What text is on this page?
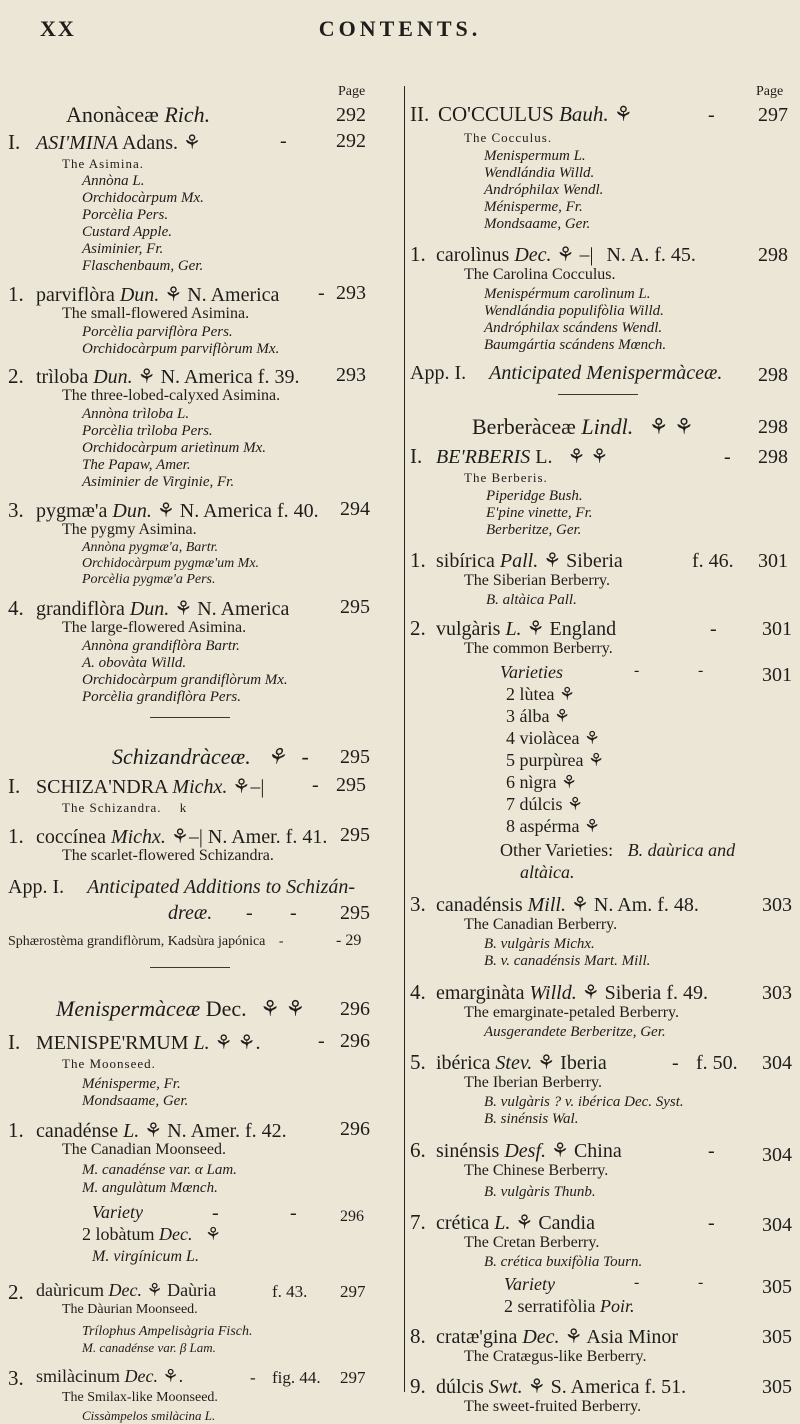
XX	CONTENTS.
Page
Anonàceæ Rich.	292
I. ASI'MINA Adans. ⚘	- 292
The Asimina.
Annòna L.
Orchidocàrpum Mx.
Porcèlia Pers.
Custard Apple.
Asiminier, Fr.
Flaschenbaum, Ger.
1. parviflòra Dun. ⚘ N. America - 293
The small-flowered Asimina.
Porcèlia parviflòra Pers.
Orchidocàrpum parviflòrum Mx.
2. trìloba Dun. ⚘ N. America f. 39. 293
The three-lobed-calyxed Asimina.
Annòna trìloba L.
Porcèlia trìloba Pers.
Orchidocàrpum arietìnum Mx.
The Papaw, Amer.
Asiminier de Virginie, Fr.
3. pygmæ'a Dun. ⚘ N. America f. 40. 294
The pygmy Asimina.
Annòna pygmæ'a, Bartr.
Orchidocàrpum pygmæ'um Mx.
Porcèlia pygmæ'a Pers.
4. grandiflòra Dun. ⚘ N. America	295
The large-flowered Asimina.
Annòna grandiflòra Bartr.
A. obovàta Willd.
Orchidocàrpum grandiflòrum Mx.
Porcèlia grandiflòra Pers.
Schizandràceæ. ⚘ - 295
I. SCHIZA'NDRA Michx. ⚘⎯| - 295
The Schizandra. k
1. coccínea Michx. ⚘⎯| N. Amer. f. 41. 295
The scarlet-flowered Schizandra.
App. I. Anticipated Additions to Schizán-
dreæ. - - 295
Sphærostèma grandiflòrum, Kadsùra japónica -	- 29
Menispermàceæ Dec. ⚘ ⚘ 296
I. MENISPE'RMUM L. ⚘ ⚘.	- 296
The Moonseed.
Ménisperme, Fr.
Mondsaame, Ger.
1. canadénse L. ⚘ N. Amer. f. 42.	296
The Canadian Moonseed.
M. canadénse var. α Lam.
M. angulàtum Mœnch.
Variety	-	-	296
2 lobàtum Dec. ⚘
M. virgínicum L.
2. daùricum Dec. ⚘ Daùria	f. 43. 297
The Dàurian Moonseed.
Trílophus Ampelisàgria Fisch.
M. canadénse var. β Lam.
3. smilàcinum Dec. ⚘.	- fig. 44. 297
The Smilax-like Moonseed.
Cissàmpelos smilàcina L.
Page
II. CO'CCULUS Bauh. ⚘	- 297
The Cocculus.
Menispermum L.
Wendlándia Willd.
Andróphilax Wendl.
Ménisperme, Fr.
Mondsaame, Ger.
1. carolìnus Dec. ⚘ ⎯| N. A. f. 45.	298
The Carolina Cocculus.
Menispérmum carolìnum L.
Wendlándia populifòlia Willd.
Andróphilax scándens Wendl.
Baumgártia scándens Mœnch.
App. I. Anticipated Menispermàceæ. 298
Berberàceæ Lindl. ⚘ ⚘	298
I. BE'RBERIS L. ⚘ ⚘	- 298
The Berberis.
Piperidge Bush.
E'pine vinette, Fr.
Berberitze, Ger.
1. sibírica Pall. ⚘ Siberia	f. 46. 301
The Siberian Berberry.
B. altàica Pall.
2. vulgàris L. ⚘ England	- 301
The common Berberry.
Varieties	-	-	301
2 lùtea ⚘
3 álba ⚘
4 violàcea ⚘
5 purpùrea ⚘
6 nìgra ⚘
7 dúlcis ⚘
8 aspérma ⚘
Other Varieties: B. daùrica and
altàica.
3. canadénsis Mill. ⚘ N. Am. f. 48.	303
The Canadian Berberry.
B. vulgàris Michx.
B. v. canadénsis Mart. Mill.
4. emarginàta Willd. ⚘ Siberia f. 49.	303
The emarginate-petaled Berberry.
Ausgerandete Berberitze, Ger.
5. ibérica Stev. ⚘ Iberia	- f. 50. 304
The Iberian Berberry.
B. vulgàris ? v. ibérica Dec. Syst.
B. sinénsis Wal.
6. sinénsis Desf. ⚘ China	- 304
The Chinese Berberry.
B. vulgàris Thunb.
7. crética L. ⚘ Candia	- 304
The Cretan Berberry.
B. crética buxifòlia Tourn.
Variety	-	-	305
2 serratifòlia Poir.
8. cratæ'gina Dec. ⚘ Asia Minor	305
The Cratægus-like Berberry.
9. dúlcis Swt. ⚘ S. America f. 51.	305
The sweet-fruited Berberry.
